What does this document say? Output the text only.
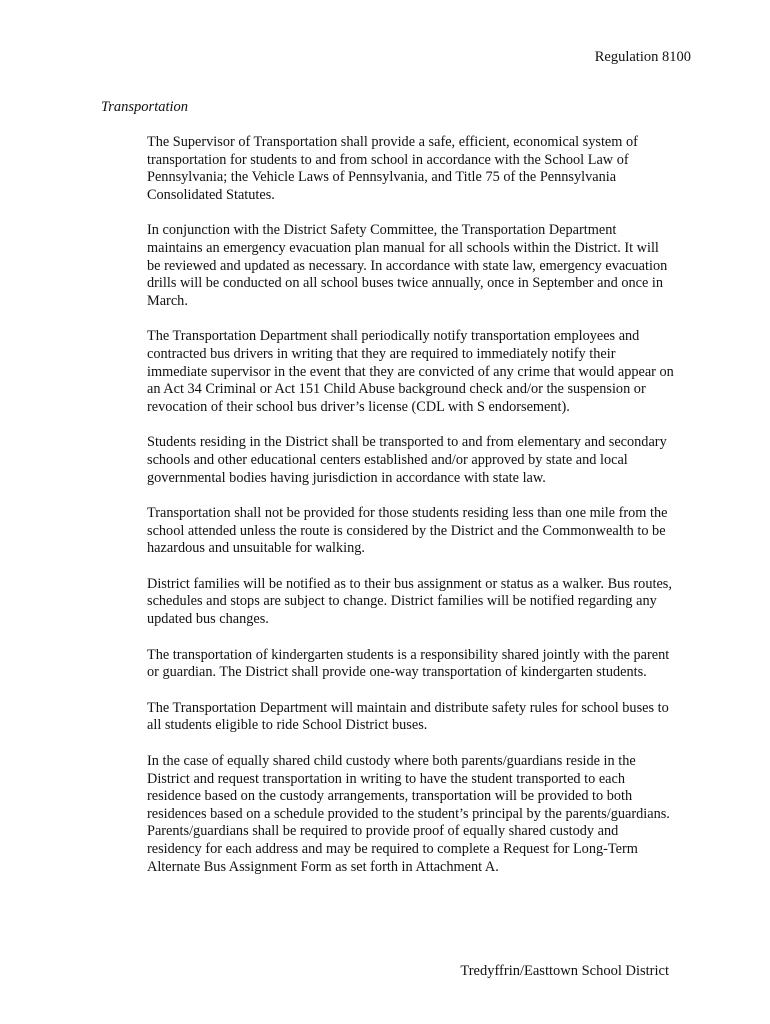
Regulation 8100
Transportation

The Supervisor of Transportation shall provide a safe, efficient, economical system of transportation for students to and from school in accordance with the School Law of Pennsylvania; the Vehicle Laws of Pennsylvania, and Title 75 of the Pennsylvania Consolidated Statutes.

In conjunction with the District Safety Committee, the Transportation Department maintains an emergency evacuation plan manual for all schools within the District. It will be reviewed and updated as necessary. In accordance with state law, emergency evacuation drills will be conducted on all school buses twice annually, once in September and once in March.

The Transportation Department shall periodically notify transportation employees and contracted bus drivers in writing that they are required to immediately notify their immediate supervisor in the event that they are convicted of any crime that would appear on an Act 34 Criminal or Act 151 Child Abuse background check and/or the suspension or revocation of their school bus driver’s license (CDL with S endorsement).

Students residing in the District shall be transported to and from elementary and secondary schools and other educational centers established and/or approved by state and local governmental bodies having jurisdiction in accordance with state law.

Transportation shall not be provided for those students residing less than one mile from the school attended unless the route is considered by the District and the Commonwealth to be hazardous and unsuitable for walking.

District families will be notified as to their bus assignment or status as a walker. Bus routes, schedules and stops are subject to change. District families will be notified regarding any updated bus changes.

The transportation of kindergarten students is a responsibility shared jointly with the parent or guardian. The District shall provide one-way transportation of kindergarten students.

The Transportation Department will maintain and distribute safety rules for school buses to all students eligible to ride School District buses.

In the case of equally shared child custody where both parents/guardians reside in the District and request transportation in writing to have the student transported to each residence based on the custody arrangements, transportation will be provided to both residences based on a schedule provided to the student’s principal by the parents/guardians. Parents/guardians shall be required to provide proof of equally shared custody and residency for each address and may be required to complete a Request for Long-Term Alternate Bus Assignment Form as set forth in Attachment A.

Tredyffrin/Easttown School District
